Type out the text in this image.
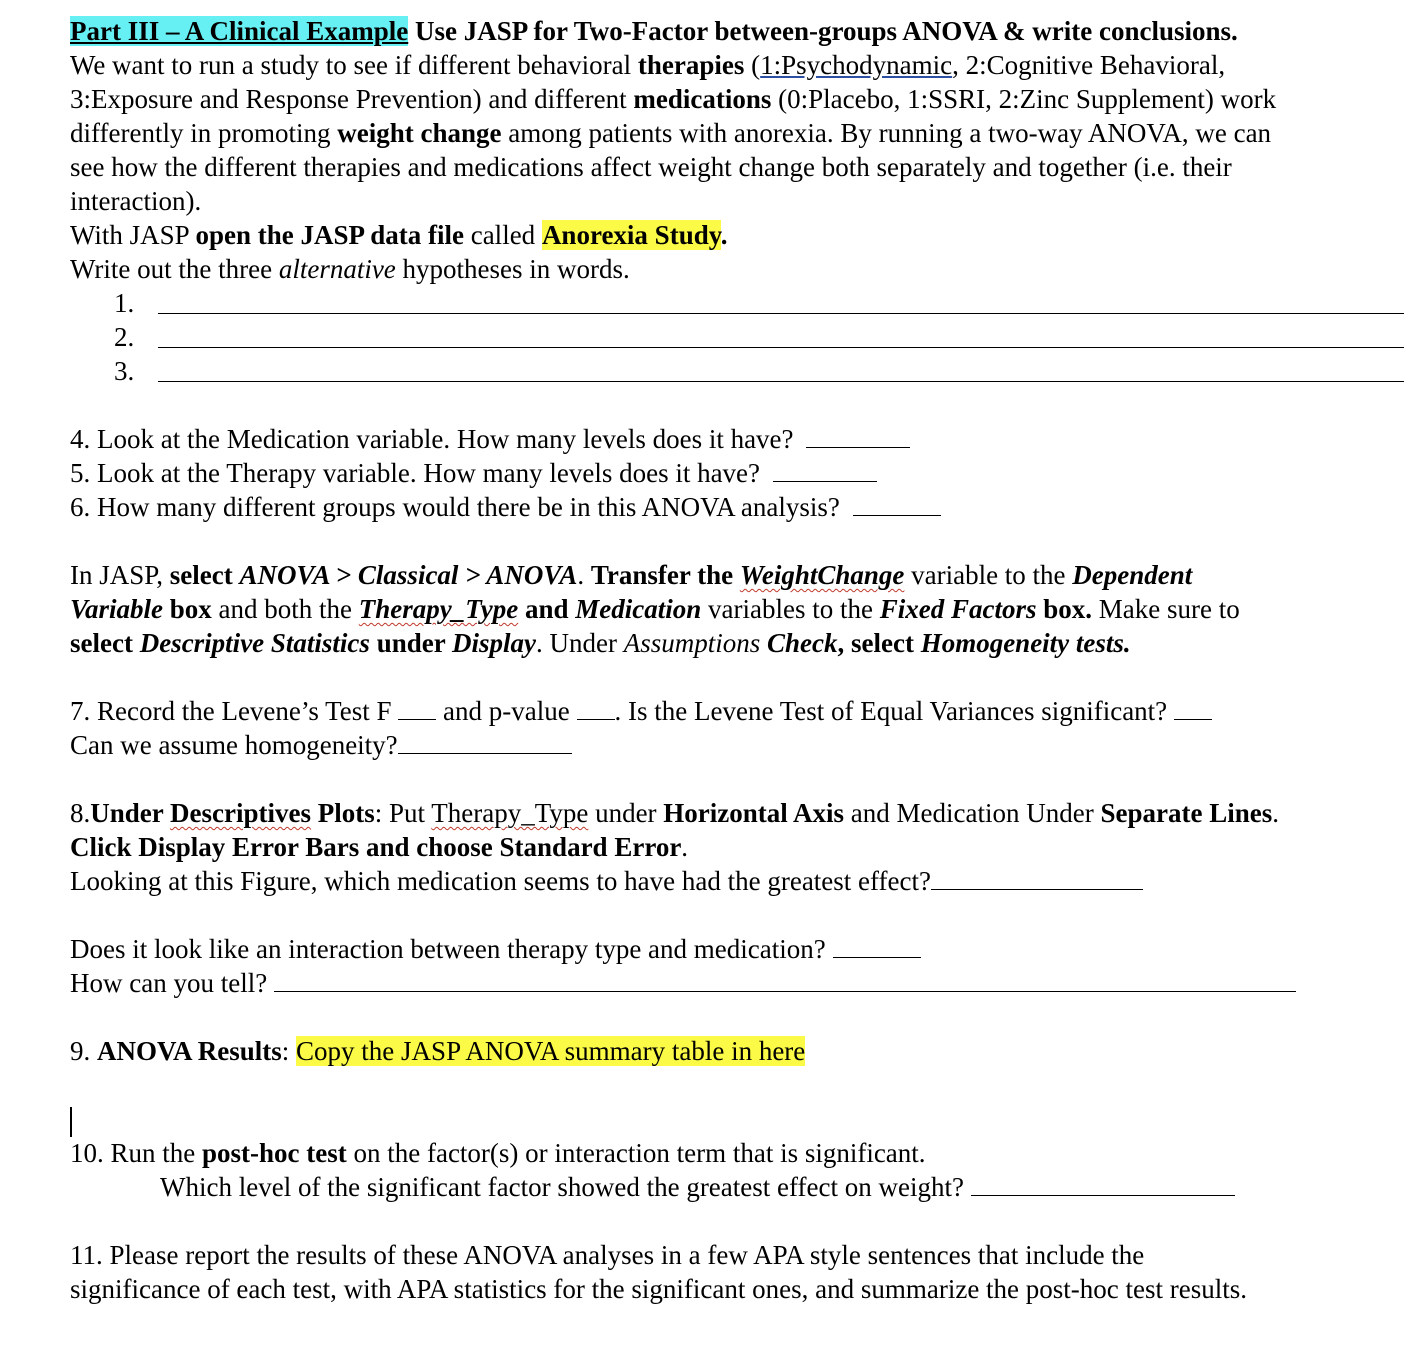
Part III – A Clinical Example Use JASP for Two-Factor between-groups ANOVA & write conclusions.
We want to run a study to see if different behavioral therapies (1:Psychodynamic, 2:Cognitive Behavioral,
3:Exposure and Response Prevention) and different medications (0:Placebo, 1:SSRI, 2:Zinc Supplement) work
differently in promoting weight change among patients with anorexia. By running a two-way ANOVA, we can
see how the different therapies and medications affect weight change both separately and together (i.e. their
interaction).
With JASP open the JASP data file called Anorexia Study.
Write out the three alternative hypotheses in words.
1.
2.
3.
4. Look at the Medication variable. How many levels does it have?
5. Look at the Therapy variable. How many levels does it have?
6. How many different groups would there be in this ANOVA analysis?
In JASP, select ANOVA > Classical > ANOVA. Transfer the WeightChange variable to the Dependent
Variable box and both the Therapy_Type and Medication variables to the Fixed Factors box. Make sure to
select Descriptive Statistics under Display. Under Assumptions Check, select Homogeneity tests.
7. Record the Levene’s Test F  and p-value . Is the Levene Test of Equal Variances significant?
Can we assume homogeneity?
8.Under Descriptives Plots: Put Therapy_Type under Horizontal Axis and Medication Under Separate Lines.
Click Display Error Bars and choose Standard Error.
Looking at this Figure, which medication seems to have had the greatest effect?
Does it look like an interaction between therapy type and medication?
How can you tell?
9. ANOVA Results: Copy the JASP ANOVA summary table in here
10. Run the post-hoc test on the factor(s) or interaction term that is significant.
Which level of the significant factor showed the greatest effect on weight?
11. Please report the results of these ANOVA analyses in a few APA style sentences that include the
significance of each test, with APA statistics for the significant ones, and summarize the post-hoc test results.
